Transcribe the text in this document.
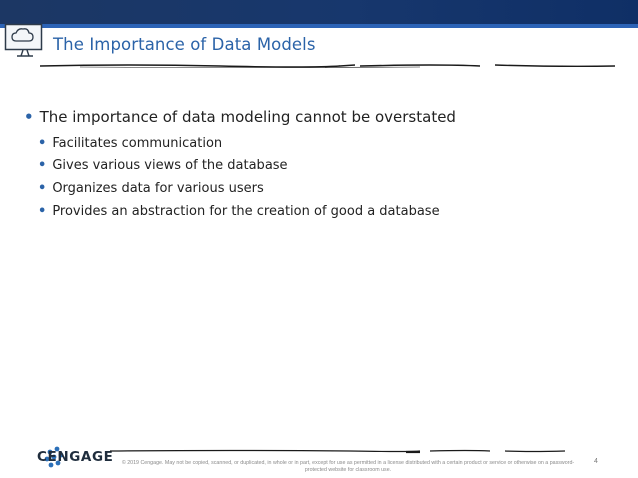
The Importance of Data Models
• The importance of data modeling cannot be overstated
• Facilitates communication
• Gives various views of the database
• Organizes data for various users
• Provides an abstraction for the creation of good a database
CENGAGE	© 2019 Cengage. May not be copied, scanned, or duplicated, in whole or in part, except for use as permitted in a license distributed with a certain product or service or otherwise on a password-protected website for classroom use.
4
